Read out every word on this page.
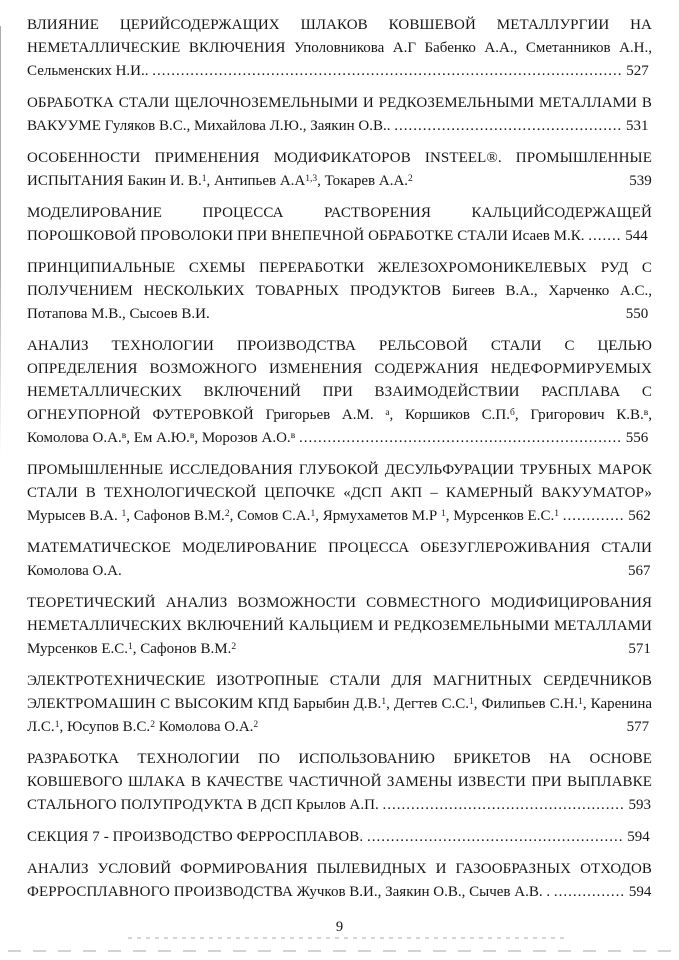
ВЛИЯНИЕ ЦЕРИЙСОДЕРЖАЩИХ ШЛАКОВ КОВШЕВОЙ МЕТАЛЛУРГИИ НА НЕМЕТАЛЛИЧЕСКИЕ ВКЛЮЧЕНИЯ Уполовникова А.Г Бабенко А.А., Сметанников А.Н., Сельменских Н.И.. ................................................................................................... 527

ОБРАБОТКА СТАЛИ ЩЕЛОЧНОЗЕМЕЛЬНЫМИ И РЕДКОЗЕМЕЛЬНЫМИ МЕТАЛЛАМИ В ВАКУУМЕ Гуляков В.С., Михайлова Л.Ю., Заякин О.В.. ................................................ 531

ОСОБЕННОСТИ ПРИМЕНЕНИЯ МОДИФИКАТОРОВ INSTEEL®. ПРОМЫШЛЕННЫЕ ИСПЫТАНИЯ Бакин И. В.$^1$, Антипьев $А.А^{1,3}$, Токарев А.А.$^2$  ​ ​ ​ ​ ​ ​ ​ ​ ​ ​ ​ ​ ​ ​ ​ ​ ​ ​ ​ ​ ​ ​ ​ ​ ​ ​ ​ ​ ​ ​ ​ ​ ​ ​ ​ ​ ​ ​ ​ ​ ​ ​ ​ ​ 539

МОДЕЛИРОВАНИЕ ПРОЦЕССА РАСТВОРЕНИЯ КАЛЬЦИЙСОДЕРЖАЩЕЙ ПОРОШКОВОЙ ПРОВОЛОКИ ПРИ ВНЕПЕЧНОЙ ОБРАБОТКЕ СТАЛИ Исаев М.К. ....... 544

ПРИНЦИПИАЛЬНЫЕ СХЕМЫ ПЕРЕРАБОТКИ ЖЕЛЕЗОХРОМОНИКЕЛЕВЫХ РУД С ПОЛУЧЕНИЕМ НЕСКОЛЬКИХ ТОВАРНЫХ ПРОДУКТОВ Бигеев В.А., Харченко А.С., Потапова М.В., Сысоев В.И.  ​ ​ ​ ​ ​ ​ ​ ​ ​ ​ ​ ​ ​ ​ ​ ​ ​ ​ ​ ​ ​ ​ ​ ​ ​ ​ ​ ​ ​ ​ ​ ​ ​ ​ ​ ​ ​ ​ ​ ​ ​ ​ ​ ​ ​ ​ ​ ​ ​ ​ ​ ​ ​ ​ ​ ​ ​ ​ ​ ​ ​ ​ ​ ​ ​ ​ ​ ​ ​ ​ ​ ​ ​ ​ ​ ​ ​ ​ ​ ​ ​ ​ ​ ​ ​ ​ 550

АНАЛИЗ ТЕХНОЛОГИИ ПРОИЗВОДСТВА РЕЛЬСОВОЙ СТАЛИ С ЦЕЛЬЮ ОПРЕДЕЛЕНИЯ ВОЗМОЖНОГО ИЗМЕНЕНИЯ СОДЕРЖАНИЯ НЕДЕФОРМИРУЕМЫХ НЕМЕТАЛЛИЧЕСКИХ ВКЛЮЧЕНИЙ ПРИ ВЗАИМОДЕЙСТВИИ РАСПЛАВА С ОГНЕУПОРНОЙ ФУТЕРОВКОЙ Григорьев А.М. $^а$, Коршиков С.П.$^б$, Григорович К.В.$^в$, Комолова О.А.$^в$, Ем А.Ю.$^в$, Морозов А.О.$^в$ .................................................................... 556

ПРОМЫШЛЕННЫЕ ИССЛЕДОВАНИЯ ГЛУБОКОЙ ДЕСУЛЬФУРАЦИИ ТРУБНЫХ МАРОК СТАЛИ В ТЕХНОЛОГИЧЕСКОЙ ЦЕПОЧКЕ «ДСП АКП – КАМЕРНЫЙ ВАКУУМАТОР» Мурысев В.А. $^1$, Сафонов В.М.$^2$, Сомов С.А.$^1$, Ярмухаметов М.Р $^1$, Мурсенков Е.С.$^1$ ............. 562

МАТЕМАТИЧЕСКОЕ МОДЕЛИРОВАНИЕ ПРОЦЕССА ОБЕЗУГЛЕРОЖИВАНИЯ СТАЛИ Комолова О.А.  ​ ​ ​ ​ ​ ​ ​ ​ ​ ​ ​ ​ ​ ​ ​ ​ ​ ​ ​ ​ ​ ​ ​ ​ ​ ​ ​ ​ ​ ​ ​ ​ ​ ​ ​ ​ ​ ​ ​ ​ ​ ​ ​ ​ ​ ​ ​ ​ ​ ​ ​ ​ ​ ​ ​ ​ ​ ​ ​ ​ ​ ​ ​ ​ ​ ​ ​ ​ ​ ​ ​ ​ ​ ​ ​ ​ ​ ​ ​ ​ ​ ​ ​ ​ ​ ​ ​ ​ ​ ​ ​ ​ ​ ​ ​ ​ ​ ​ ​ ​ ​ ​ ​ ​ ​ 567

ТЕОРЕТИЧЕСКИЙ АНАЛИЗ ВОЗМОЖНОСТИ СОВМЕСТНОГО МОДИФИЦИРОВАНИЯ НЕМЕТАЛЛИЧЕСКИХ ВКЛЮЧЕНИЙ КАЛЬЦИЕМ И РЕДКОЗЕМЕЛЬНЫМИ МЕТАЛЛАМИ Мурсенков Е.С.$^1$, Сафонов В.М.$^2$  ​ ​ ​ ​ ​ ​ ​ ​ ​ ​ ​ ​ ​ ​ ​ ​ ​ ​ ​ ​ ​ ​ ​ ​ ​ ​ ​ ​ ​ ​ ​ ​ ​ ​ ​ ​ ​ ​ ​ ​ ​ ​ ​ ​ ​ ​ ​ ​ ​ ​ ​ ​ ​ ​ ​ ​ ​ ​ ​ ​ ​ ​ ​ ​ ​ ​ ​ ​ ​ ​ ​ ​ ​ ​ ​ ​ ​ ​ ​ ​ ​ 571

ЭЛЕКТРОТЕХНИЧЕСКИЕ ИЗОТРОПНЫЕ СТАЛИ ДЛЯ МАГНИТНЫХ СЕРДЕЧНИКОВ ЭЛЕКТРОМАШИН С ВЫСОКИМ КПД Барыбин Д.В.$^1$, Дегтев С.С.$^1$, Филипьев С.Н.$^1$, Каренина Л.С.$^1$, Юсупов В.С.$^2$ Комолова О.А.$^2$  ​ ​ ​ ​ ​ ​ ​ ​ ​ ​ ​ ​ ​ ​ ​ ​ ​ ​ ​ ​ ​ ​ ​ ​ ​ ​ ​ ​ ​ ​ ​ ​ ​ ​ ​ ​ ​ ​ ​ ​ ​ ​ ​ ​ ​ ​ ​ ​ ​ ​ ​ ​ ​ ​ ​ ​ ​ ​ ​ ​ ​ ​ ​ ​ ​ ​ ​ ​ ​ ​ ​ ​ ​ ​ ​ ​ 577

РАЗРАБОТКА ТЕХНОЛОГИИ ПО ИСПОЛЬЗОВАНИЮ БРИКЕТОВ НА ОСНОВЕ КОВШЕВОГО ШЛАКА В КАЧЕСТВЕ ЧАСТИЧНОЙ ЗАМЕНЫ ИЗВЕСТИ ПРИ ВЫПЛАВКЕ СТАЛЬНОГО ПОЛУПРОДУКТА В ДСП Крылов А.П. ................................................... 593

СЕКЦИЯ 7 - ПРОИЗВОДСТВО ФЕРРОСПЛАВОВ. ...................................................... 594

АНАЛИЗ УСЛОВИЙ ФОРМИРОВАНИЯ ПЫЛЕВИДНЫХ И ГАЗООБРАЗНЫХ ОТХОДОВ ФЕРРОСПЛАВНОГО ПРОИЗВОДСТВА Жучков В.И., Заякин О.В., Сычев А.В. . ............... 594

9
